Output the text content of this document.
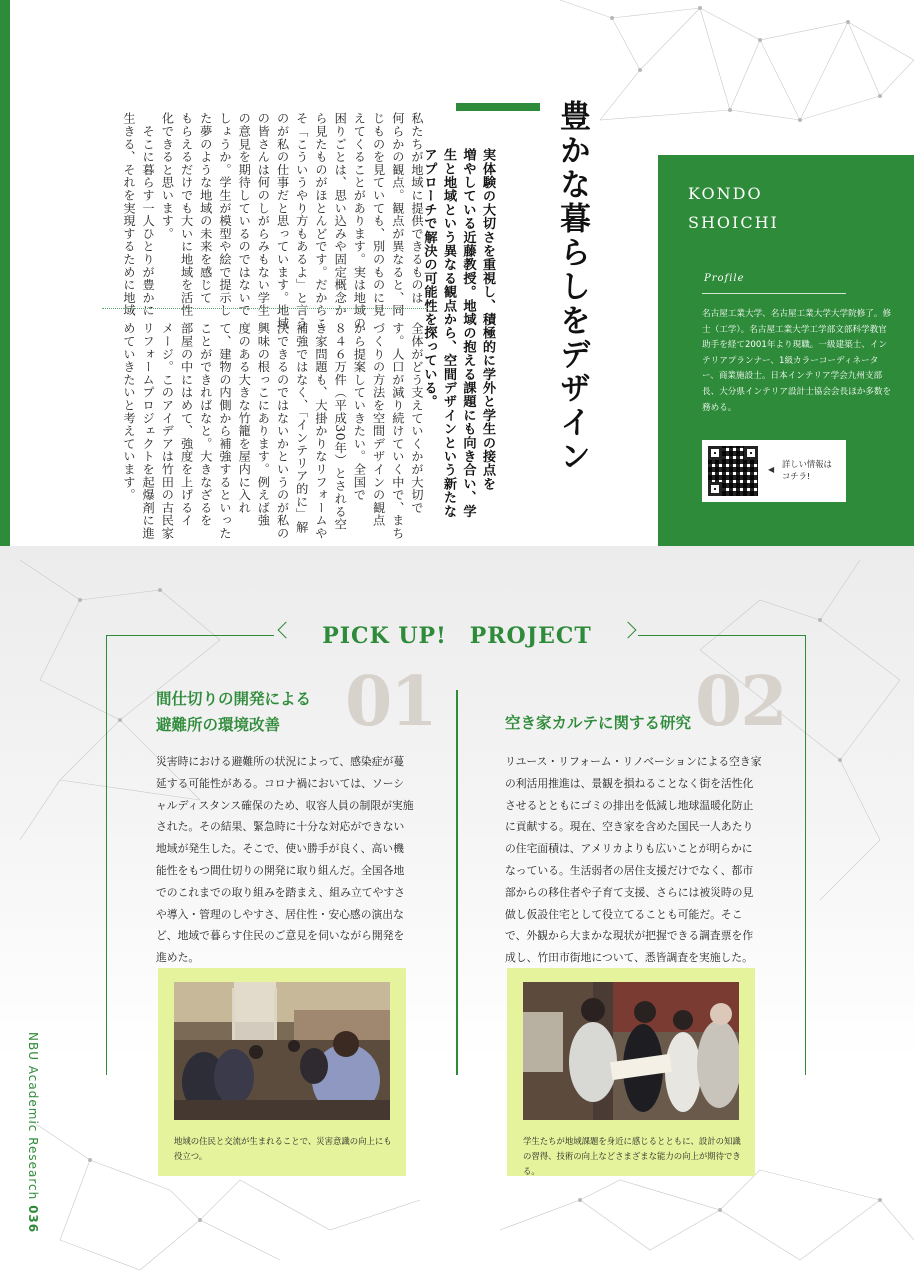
豊かな暮らしをデザイン
実体験の大切さを重視し、積極的に学外と学生の接点を
増やしている近藤教授。地域の抱える課題にも向き合い、学
生と地域という異なる観点から、空間デザインという新たな
アプローチで解決の可能性を探っている。
私たちが地域に提供できるものは
何らかの観点。観点が異なると、同
じものを見ていても、別のものに見
えてくることがあります。実は地域の
困りごとは、思い込みや固定概念か
ら見たものがほとんどです。だからこ
そ「こういうやり方もあるよ」と言う
のが私の仕事だと思っています。地域
の皆さんは何のしがらみもない学生
の意見を期待しているのではないで
しょうか。学生が模型や絵で提示し
た夢のような地域の未来を感じて
もらえるだけでも大いに地域を活性
化できると思います。
　そこに暮らす一人ひとりが豊かに
生きる、それを実現するために地域
全体がどう支えていくかが大切で
す。人口が減り続けていく中で、まち
づくりの方法を空間デザインの観点
から提案していきたい。全国で
８４６万件（平成30年）とされる空
き家問題も、大掛かりなリフォームや
補強ではなく、「インテリア的に」解
決できるのではないかというのが私の
興味の根っこにあります。例えば強
度のある大きな竹籠を屋内に入れ
て、建物の内側から補強するといった
ことができればなと。大きなざるを
部屋の中にはめて、強度を上げるイ
メージ。このアイデアは竹田の古民家
リフォームプロジェクトを起爆剤に進
めていきたいと考えています。
KONDO
SHOICHI
Profile
名古屋工業大学、名古屋工業大学大学院修了。修士（工学）。名古屋工業大学工学部文部科学教官助手を経て2001年より現職。一級建築士、インテリアプランナー、1級カラーコーディネーター、商業施設士。日本インテリア学会九州支部長、大分県インテリア設計士協会会長ほか多数を務める。
◀
詳しい情報は
コチラ!
PICK UP!　PROJECT
01	02
間仕切りの開発による
避難所の環境改善	空き家カルテに関する研究
災害時における避難所の状況によって、感染症が蔓延する可能性がある。コロナ禍においては、ソーシャルディスタンス確保のため、収容人員の制限が実施された。その結果、緊急時に十分な対応ができない地域が発生した。そこで、使い勝手が良く、高い機能性をもつ間仕切りの開発に取り組んだ。全国各地でのこれまでの取り組みを踏まえ、組み立てやすさや導入・管理のしやすさ、居住性・安心感の演出など、地域で暮らす住民のご意見を伺いながら開発を進めた。
リユース・リフォーム・リノベーションによる空き家の利活用推進は、景観を損ねることなく街を活性化させるとともにゴミの排出を低減し地球温暖化防止に貢献する。現在、空き家を含めた国民一人あたりの住宅面積は、アメリカよりも広いことが明らかになっている。生活弱者の居住支援だけでなく、都市部からの移住者や子育て支援、さらには被災時の見做し仮設住宅として役立てることも可能だ。そこで、外観から大まかな現状が把握できる調査票を作成し、竹田市街地について、悉皆調査を実施した。
地域の住民と交流が生まれることで、災害意識の向上にも役立つ。
学生たちが地域課題を身近に感じるとともに、設計の知識の習得、技術の向上などさまざまな能力の向上が期待できる。
NBU Academic Research 036
